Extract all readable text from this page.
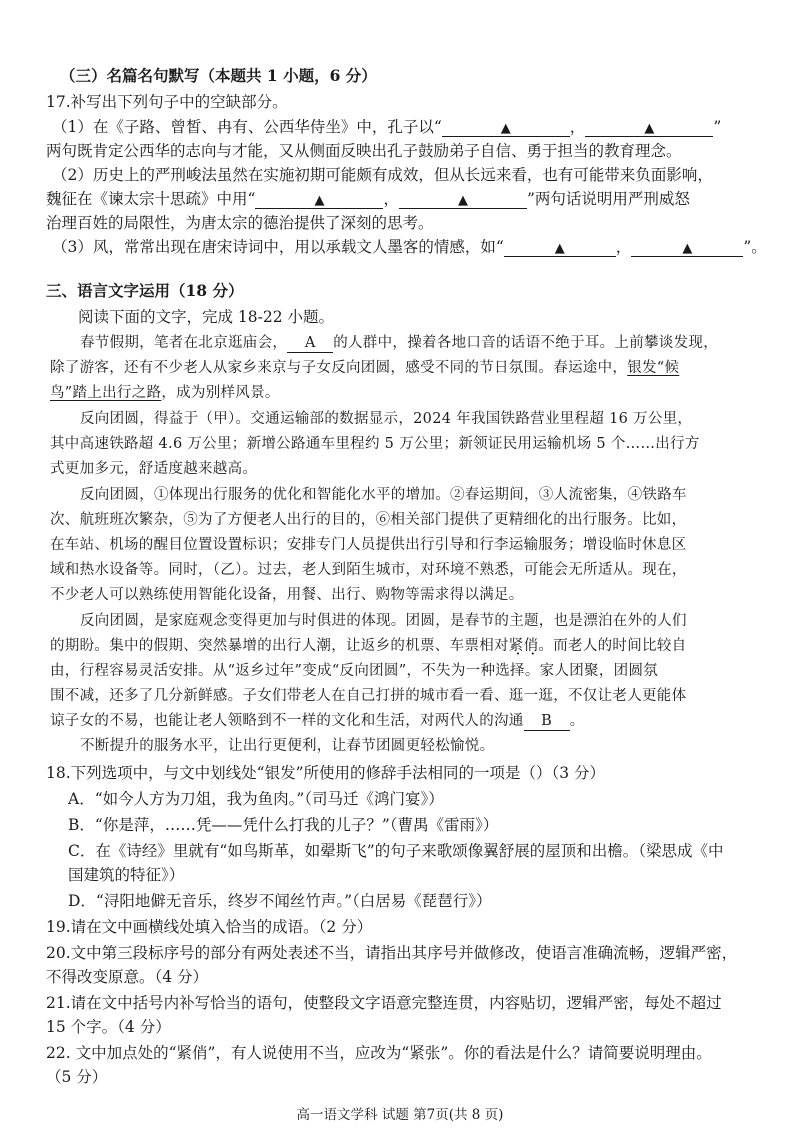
（三）名篇名句默写（本题共 1 小题，6 分）
17.补写出下列句子中的空缺部分。
（1）在《子路、曾皙、冉有、公西华侍坐》中，孔子以“	▲	，	▲	”
两句既肯定公西华的志向与才能，又从侧面反映出孔子鼓励弟子自信、勇于担当的教育理念。
（2）历史上的严刑峻法虽然在实施初期可能颇有成效，但从长远来看，也有可能带来负面影响，
魏征在《谏太宗十思疏》中用“	▲	，	▲	”两句话说明用严刑威怒
治理百姓的局限性，为唐太宗的德治提供了深刻的思考。
（3）风，常常出现在唐宋诗词中，用以承载文人墨客的情感，如“	▲	，	▲	”。
三、语言文字运用（18 分）
阅读下面的文字，完成 18-22 小题。
春节假期，笔者在北京逛庙会， A 的人群中，操着各地口音的话语不绝于耳。上前攀谈发现，
除了游客，还有不少老人从家乡来京与子女反向团圆，感受不同的节日氛围。春运途中，银发“候
鸟”踏上出行之路，成为别样风景。
反向团圆，得益于（甲）。交通运输部的数据显示，2024 年我国铁路营业里程超 16 万公里，
其中高速铁路超 4.6 万公里；新增公路通车里程约 5 万公里；新领证民用运输机场 5 个……出行方
式更加多元，舒适度越来越高。
反向团圆，①体现出行服务的优化和智能化水平的增加。②春运期间，③人流密集，④铁路车
次、航班班次繁杂，⑤为了方便老人出行的目的，⑥相关部门提供了更精细化的出行服务。比如，
在车站、机场的醒目位置设置标识；安排专门人员提供出行引导和行李运输服务；增设临时休息区
域和热水设备等。同时，（乙）。过去，老人到陌生城市，对环境不熟悉，可能会无所适从。现在，
不少老人可以熟练使用智能化设备，用餐、出行、购物等需求得以满足。
反向团圆，是家庭观念变得更加与时俱进的体现。团圆，是春节的主题，也是漂泊在外的人们
的期盼。集中的假期、突然暴增的出行人潮，让返乡的机票、车票相对紧俏。而老人的时间比较自
由，行程容易灵活安排。从“返乡过年”变成“反向团圆”，不失为一种选择。家人团聚，团圆氛
围不减，还多了几分新鲜感。子女们带老人在自己打拼的城市看一看、逛一逛，不仅让老人更能体
谅子女的不易，也能让老人领略到不一样的文化和生活，对两代人的沟通 B 。
不断提升的服务水平，让出行更便利，让春节团圆更轻松愉悦。
18.下列选项中，与文中划线处“银发”所使用的修辞手法相同的一项是（）（3 分）
A．“如今人方为刀俎，我为鱼肉。”（司马迁《鸿门宴》）
B．“你是萍，……凭——凭什么打我的儿子？”（曹禺《雷雨》）
C．在《诗经》里就有“如鸟斯革，如翚斯飞”的句子来歌颂像翼舒展的屋顶和出檐。（梁思成《中
国建筑的特征》）
D．“浔阳地僻无音乐，终岁不闻丝竹声。”（白居易《琵琶行》）
19.请在文中画横线处填入恰当的成语。（2 分）
20.文中第三段标序号的部分有两处表述不当，请指出其序号并做修改，使语言准确流畅，逻辑严密，
不得改变原意。（4 分）
21.请在文中括号内补写恰当的语句，使整段文字语意完整连贯，内容贴切，逻辑严密，每处不超过
15 个字。（4 分）
22. 文中加点处的“紧俏”，有人说使用不当，应改为“紧张”。你的看法是什么？请简要说明理由。
（5 分）
高一语文学科 试题 第7页(共 8 页)
